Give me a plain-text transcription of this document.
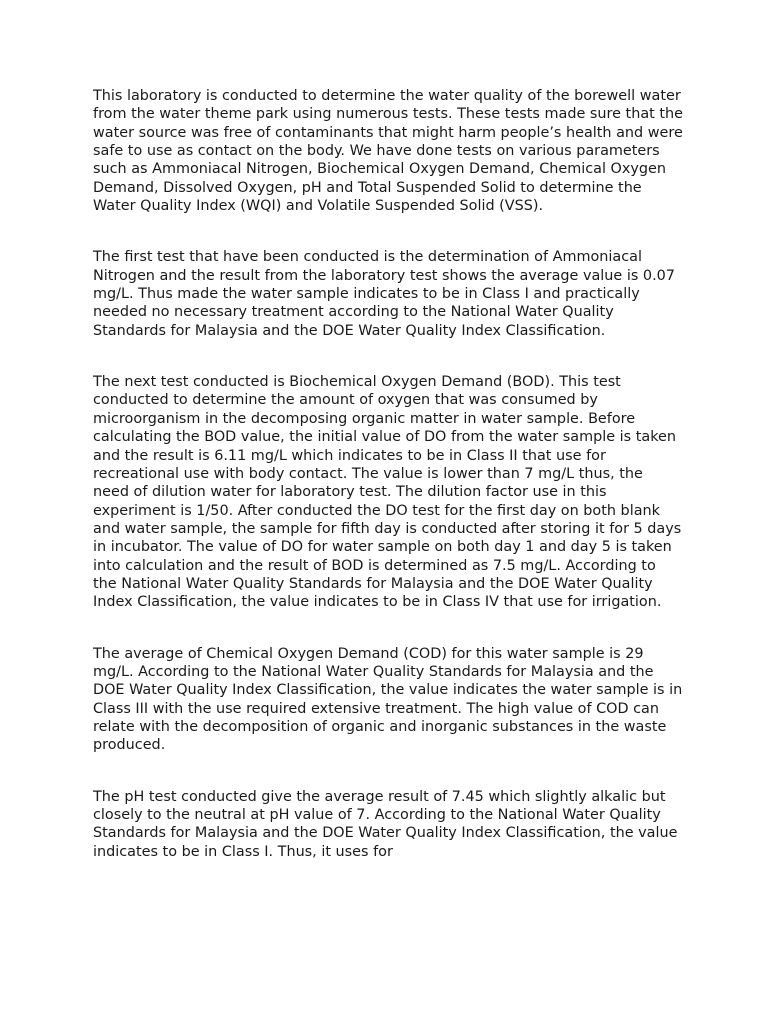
This laboratory is conducted to determine the water quality of the borewell water from the water theme park using numerous tests. These tests made sure that the water source was free of contaminants that might harm people’s health and were safe to use as contact on the body. We have done tests on various parameters such as Ammoniacal Nitrogen, Biochemical Oxygen Demand, Chemical Oxygen Demand, Dissolved Oxygen, pH and Total Suspended Solid to determine the Water Quality Index (WQI) and Volatile Suspended Solid (VSS).

The first test that have been conducted is the determination of Ammoniacal Nitrogen and the result from the laboratory test shows the average value is 0.07 mg/L. Thus made the water sample indicates to be in Class I and practically needed no necessary treatment according to the National Water Quality Standards for Malaysia and the DOE Water Quality Index Classification.

The next test conducted is Biochemical Oxygen Demand (BOD). This test conducted to determine the amount of oxygen that was consumed by microorganism in the decomposing organic matter in water sample. Before calculating the BOD value, the initial value of DO from the water sample is taken and the result is 6.11 mg/L which indicates to be in Class II that use for recreational use with body contact. The value is lower than 7 mg/L thus, the need of dilution water for laboratory test. The dilution factor use in this experiment is 1/50. After conducted the DO test for the first day on both blank and water sample, the sample for fifth day is conducted after storing it for 5 days in incubator. The value of DO for water sample on both day 1 and day 5 is taken into calculation and the result of BOD is determined as 7.5 mg/L. According to the National Water Quality Standards for Malaysia and the DOE Water Quality Index Classification, the value indicates to be in Class IV that use for irrigation.

The average of Chemical Oxygen Demand (COD) for this water sample is 29 mg/L. According to the National Water Quality Standards for Malaysia and the DOE Water Quality Index Classification, the value indicates the water sample is in Class III with the use required extensive treatment. The high value of COD can relate with the decomposition of organic and inorganic substances in the waste produced.

The pH test conducted give the average result of 7.45 which slightly alkalic but closely to the neutral at pH value of 7. According to the National Water Quality Standards for Malaysia and the DOE Water Quality Index Classification, the value indicates to be in Class I. Thus, it uses for
